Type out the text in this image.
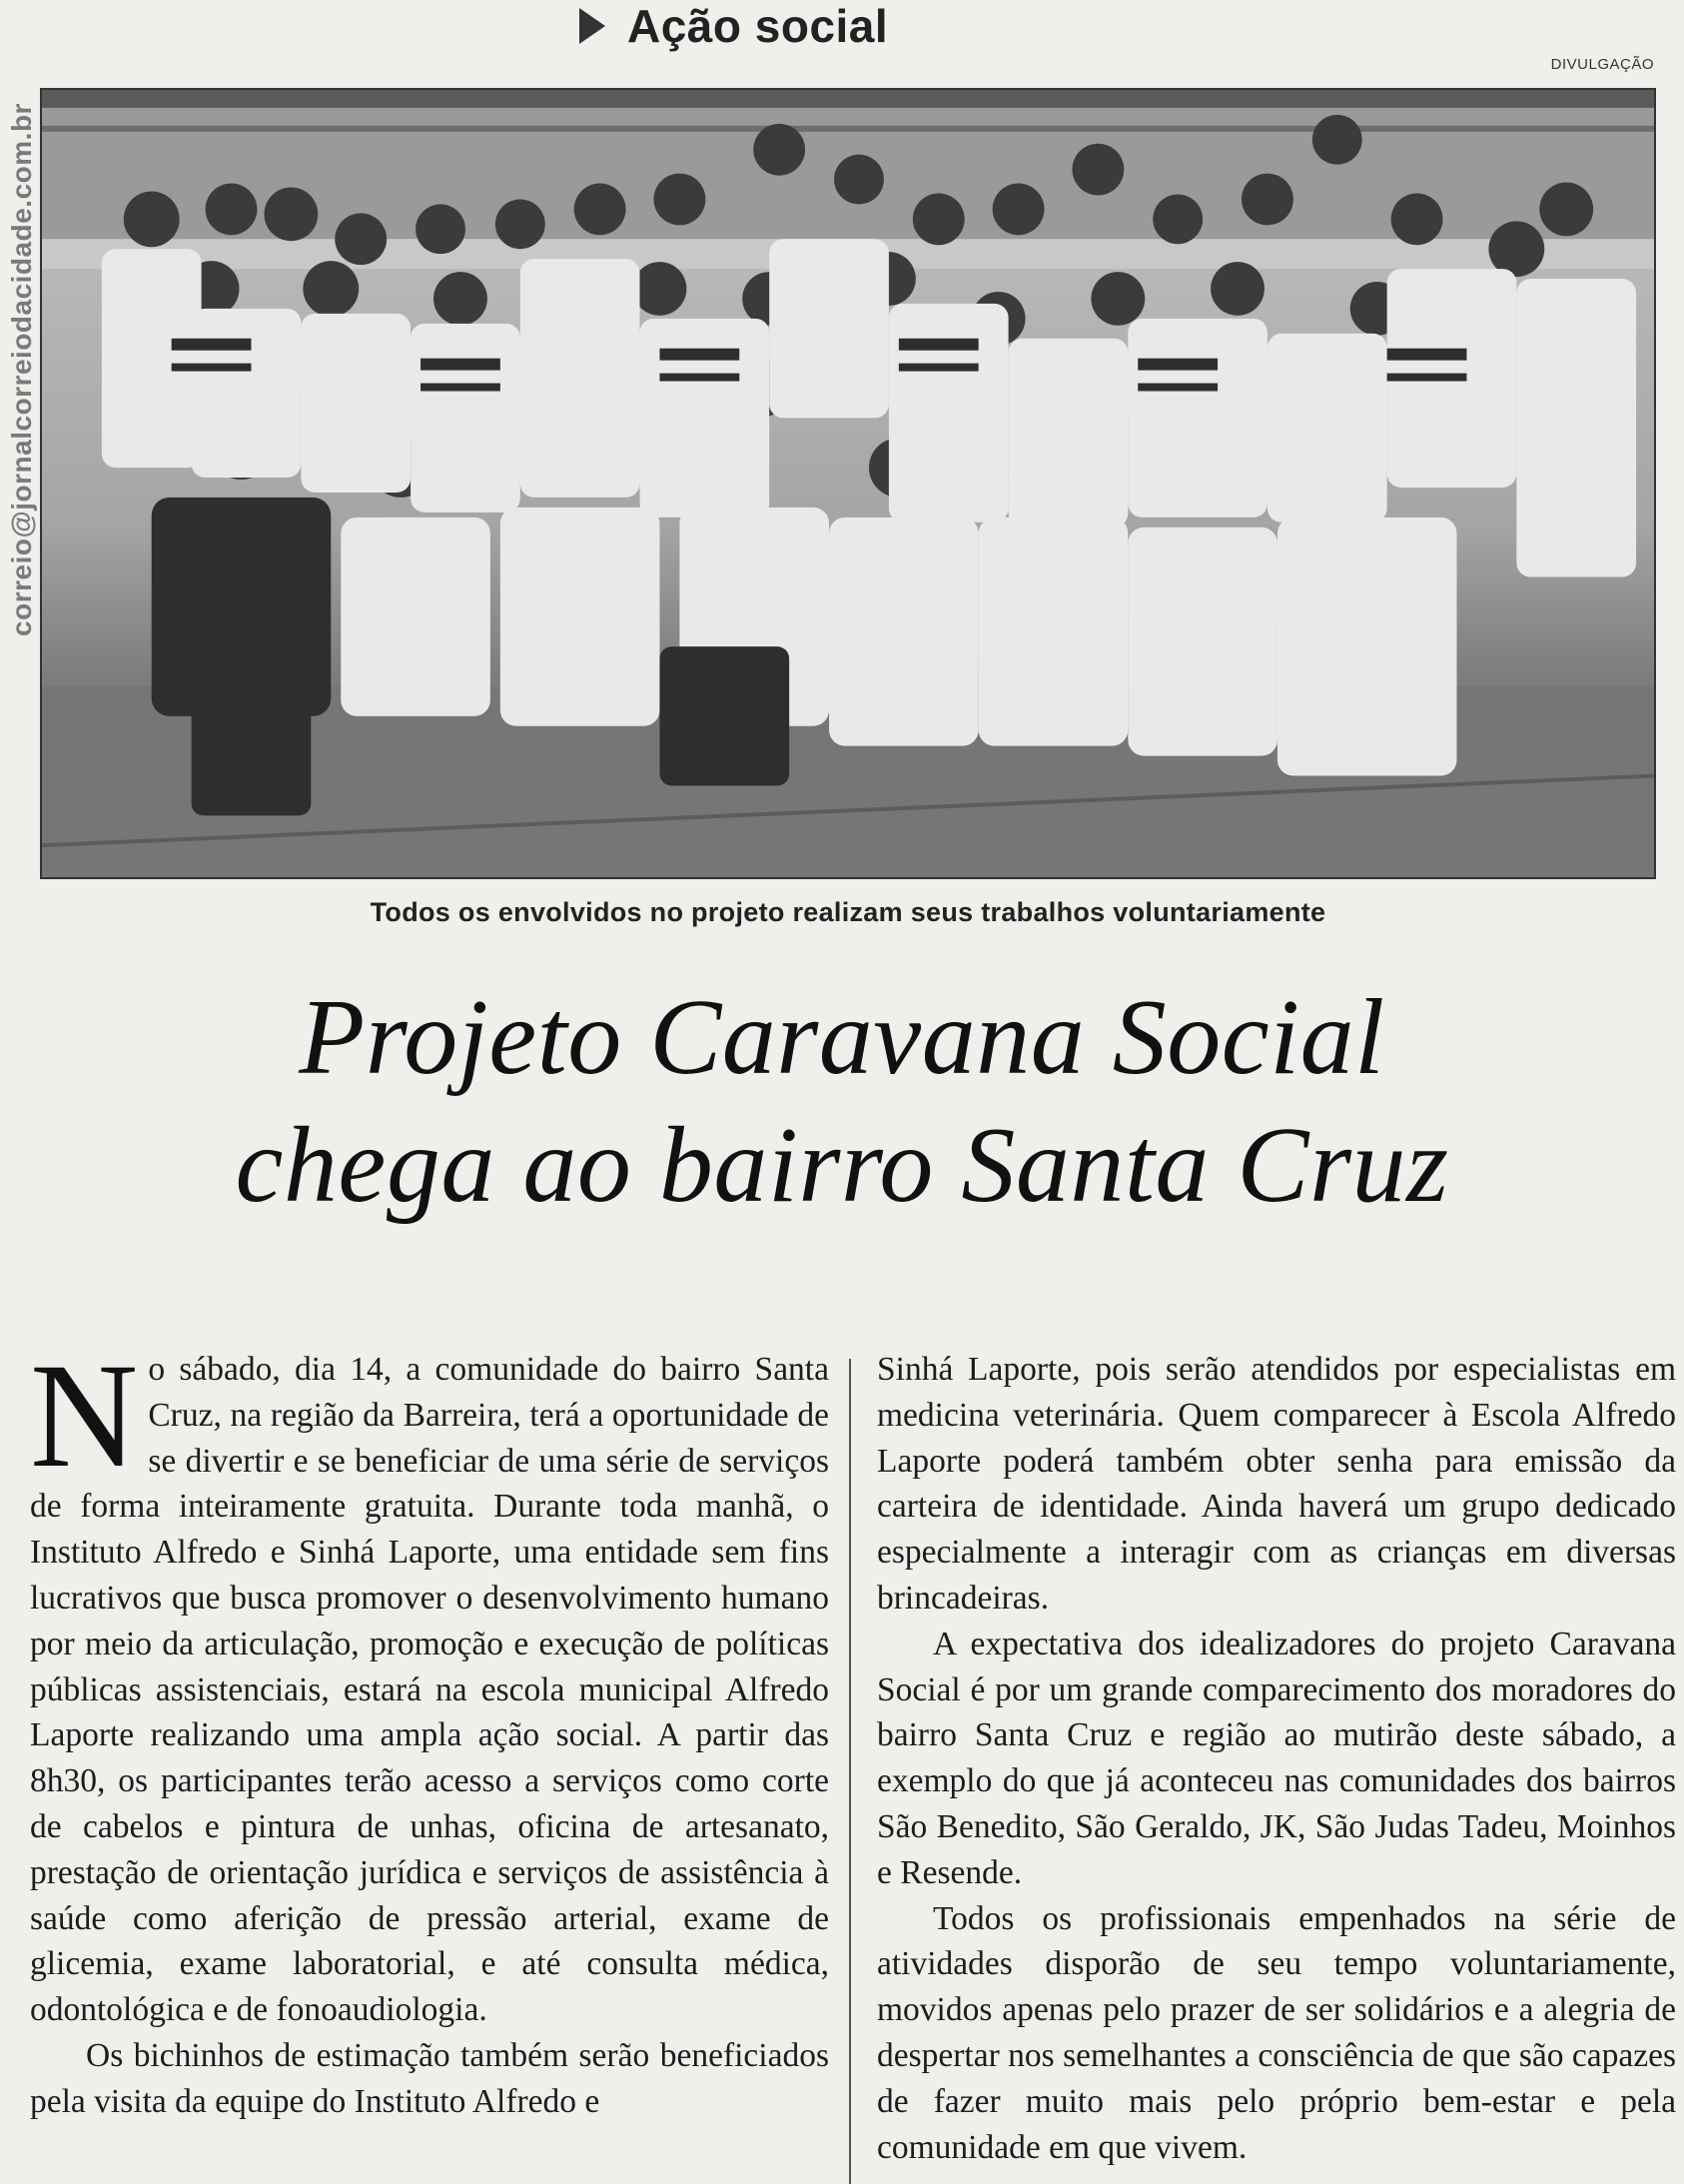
correio@jornalcorreiodacidade.com.br
Ação social
DIVULGAÇÃO
Todos os envolvidos no projeto realizam seus trabalhos voluntariamente
Projeto Caravana Social
chega ao bairro Santa Cruz

No sábado, dia 14, a comunidade do bairro Santa Cruz, na região da Barreira, terá a oportunidade de se divertir e se beneficiar de uma série de serviços de forma inteiramente gratuita. Durante toda manhã, o Instituto Alfredo e Sinhá Laporte, uma entidade sem fins lucrativos que busca promover o desenvolvimento humano por meio da articulação, promoção e execução de políticas públicas assistenciais, estará na escola municipal Alfredo Laporte realizando uma ampla ação social. A partir das 8h30, os participantes terão acesso a serviços como corte de cabelos e pintura de unhas, oficina de artesanato, prestação de orientação jurídica e serviços de assistência à saúde como aferição de pressão arterial, exame de glicemia, exame laboratorial, e até consulta médica, odontológica e de fonoaudiologia.

Os bichinhos de estimação também serão beneficiados pela visita da equipe do Instituto Alfredo e

Sinhá Laporte, pois serão atendidos por especialistas em medicina veterinária. Quem comparecer à Escola Alfredo Laporte poderá também obter senha para emissão da carteira de identidade. Ainda haverá um grupo dedicado especialmente a interagir com as crianças em diversas brincadeiras.

A expectativa dos idealizadores do projeto Caravana Social é por um grande comparecimento dos moradores do bairro Santa Cruz e região ao mutirão deste sábado, a exemplo do que já aconteceu nas comunidades dos bairros São Benedito, São Geraldo, JK, São Judas Tadeu, Moinhos e Resende.

Todos os profissionais empenhados na série de atividades disporão de seu tempo voluntariamente, movidos apenas pelo prazer de ser solidários e a alegria de despertar nos semelhantes a consciência de que são capazes de fazer muito mais pelo próprio bem-estar e pela comunidade em que vivem.
